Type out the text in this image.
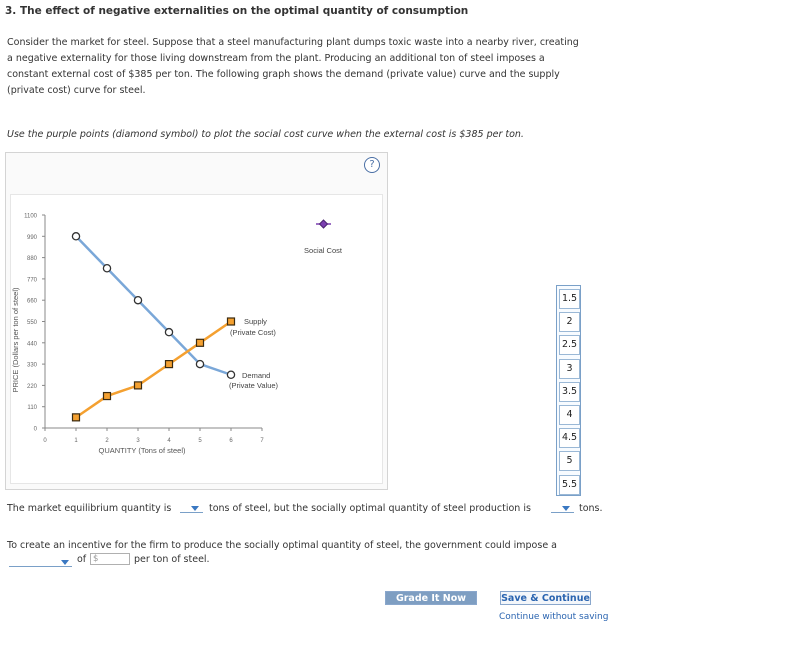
3. The effect of negative externalities on the optimal quantity of consumption
Consider the market for steel. Suppose that a steel manufacturing plant dumps toxic waste into a nearby river, creating
a negative externality for those living downstream from the plant. Producing an additional ton of steel imposes a
constant external cost of $385 per ton. The following graph shows the demand (private value) curve and the supply
(private cost) curve for steel.
Use the purple points (diamond symbol) to plot the social cost curve when the external cost is $385 per ton.
?
0
110
220
330
440
550
660
770
880
990
1100
0	1	2	3	4	5	6	7
QUANTITY (Tons of steel)
PRICE (Dollars per ton of steel)
Social Cost
Supply
(Private Cost)
Demand
(Private Value)
1.5
2
2.5
3
3.5
4
4.5
5
5.5
The market equilibrium quantity is	tons of steel, but the socially optimal quantity of steel production is	tons.
To create an incentive for the firm to produce the socially optimal quantity of steel, the government could impose a
of $	per ton of steel.
Grade It Now	Save & Continue
Continue without saving
